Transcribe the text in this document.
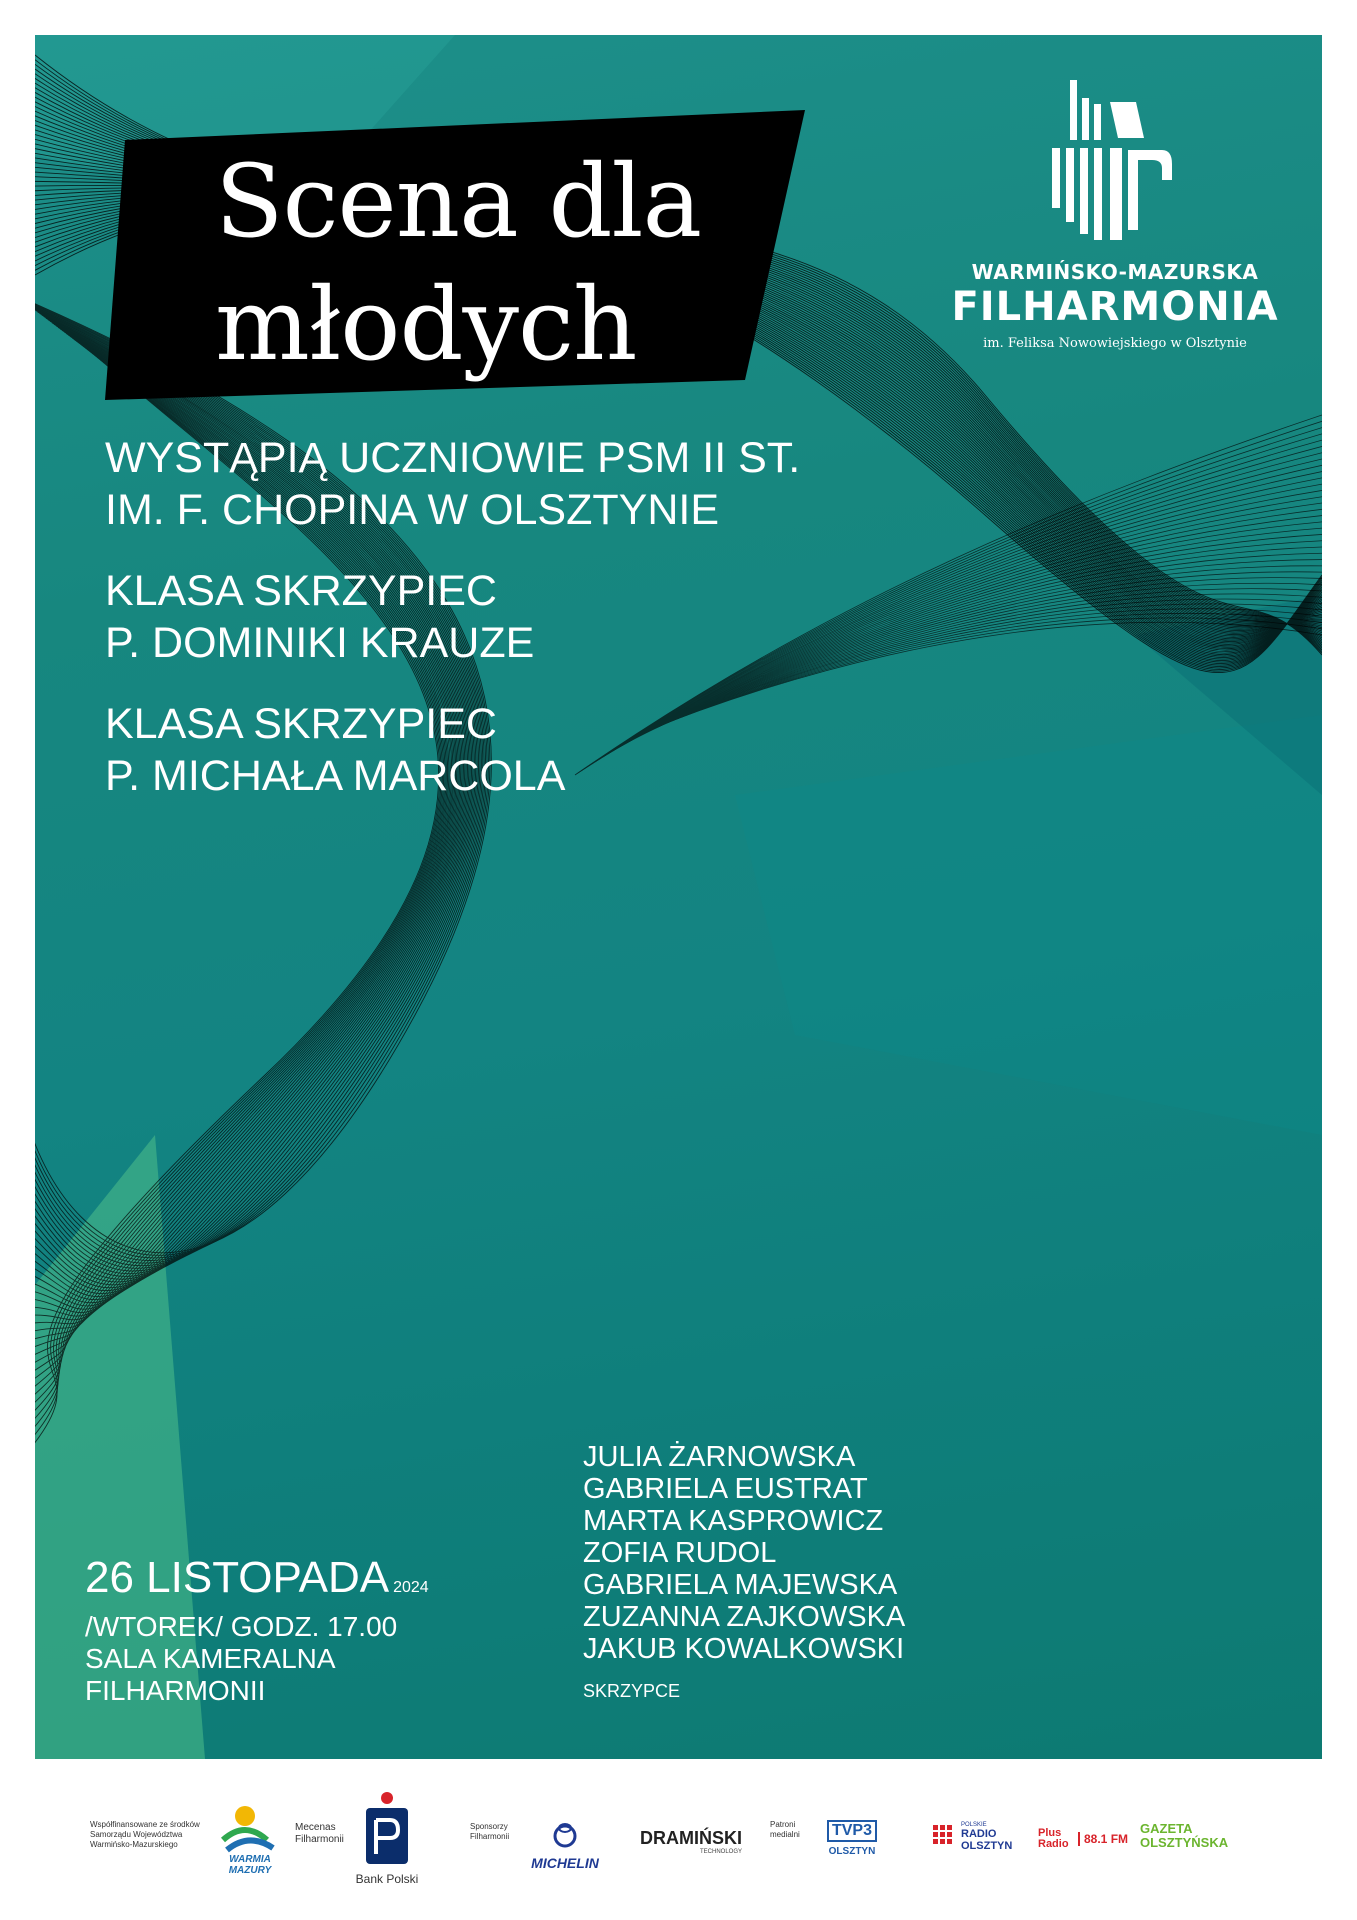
Scena dla
młodych	WARMIŃSKO-MAZURSKA
FILHARMONIA
im. Feliksa Nowowiejskiego w Olsztynie
WYSTĄPIĄ UCZNIOWIE PSM II ST.
IM. F. CHOPINA W OLSZTYNIE
KLASA SKRZYPIEC
P. DOMINIKI KRAUZE
KLASA SKRZYPIEC
P. MICHAŁA MARCOLA
26 LISTOPADA 2024
/WTOREK/ GODZ. 17.00
SALA KAMERALNA
FILHARMONII
JULIA ŻARNOWSKA
GABRIELA EUSTRAT
MARTA KASPROWICZ
ZOFIA RUDOL
GABRIELA MAJEWSKA
ZUZANNA ZAJKOWSKA
JAKUB KOWALKOWSKI
SKRZYPCE
Współfinansowane ze środków Samorządu Województwa Warmińsko-Mazurskiego
WARMIA MAZURY
Mecenas Filharmonii
Bank Polski
Sponsorzy Filharmonii
MICHELIN
DRAMIŃSKI
TECHNOLOGY
Patroni medialni	TVP3
OLSZTYN
POLSKIE
RADIO OLSZTYN
Plus Radio	88.1 FM
GAZETA OLSZTYŃSKA
